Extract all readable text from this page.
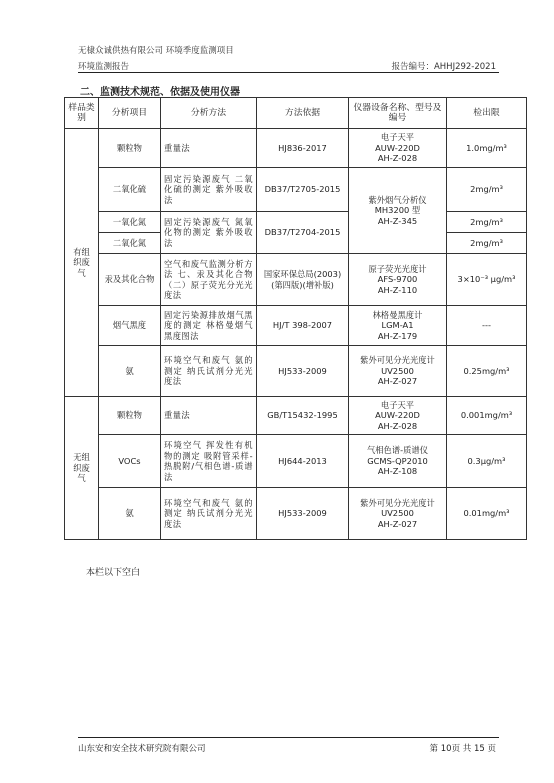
无棣众诚供热有限公司 环境季度监测项目
环境监测报告	报告编号：AHHJ292-2021
二、监测技术规范、依据及使用仪器
样品类别	分析项目	分析方法	方法依据	仪器设备名称、型号及编号	检出限
有组织废气	颗粒物	重量法	HJ836-2017	电子天平
AUW-220D
AH-Z-028	1.0mg/m³
	二氧化硫	固定污染源废气 二氧化硫的测定 紫外吸收法	DB37/T2705-2015	紫外烟气分析仪
MH3200 型
AH-Z-345	2mg/m³
	一氧化氮	固定污染源废气 氮氧化物的测定 紫外吸收法	DB37/T2704-2015		2mg/m³
	二氧化氮				2mg/m³
	汞及其化合物	空气和废气监测分析方法 七、汞及其化合物（二）原子荧光分光光度法	国家环保总局(2003)(第四版)(增补版)	原子荧光光度计
AFS-9700
AH-Z-110	3×10⁻³ μg/m³
	烟气黑度	固定污染源排放烟气黑度的测定 林格曼烟气黑度图法	HJ/T 398-2007	林格曼黑度计
LGM-A1
AH-Z-179	---
	氨	环境空气和废气 氨的测定 纳氏试剂分光光度法	HJ533-2009	紫外可见分光光度计
UV2500
AH-Z-027	0.25mg/m³
无组织废气	颗粒物	重量法	GB/T15432-1995	电子天平
AUW-220D
AH-Z-028	0.001mg/m³
	VOCs	环境空气 挥发性有机物的测定 吸附管采样-热脱附/气相色谱-质谱法	HJ644-2013	气相色谱-质谱仪
GCMS-QP2010
AH-Z-108	0.3μg/m³
	氨	环境空气和废气 氨的测定 纳氏试剂分光光度法	HJ533-2009	紫外可见分光光度计
UV2500
AH-Z-027	0.01mg/m³
本栏以下空白
山东安和安全技术研究院有限公司	第 10页 共 15 页
